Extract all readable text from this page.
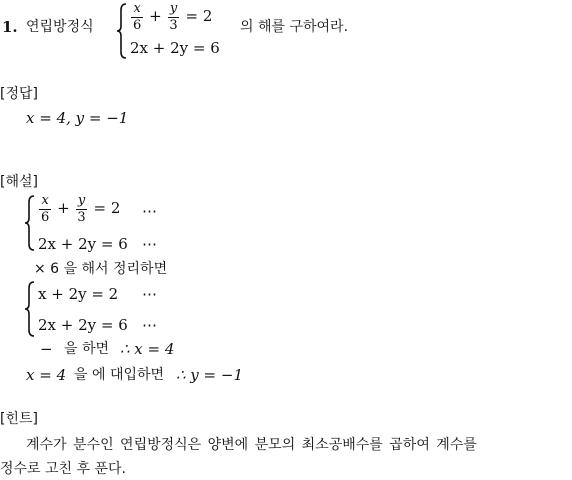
1. 연립방정식	$\frac{x}{6} + \frac{y}{3} = 2$
2x + 2y = 6
의 해를 구하여라.
[정답]
x = 4, y = −1
[해설]
$\frac{x}{6} + \frac{y}{3} = 2$ ⋯
2x + 2y = 6 ⋯
× 6 을 해서 정리하면
x + 2y = 2 ⋯
2x + 2y = 6 ⋯
− 을 하면 ∴ x = 4
x = 4 을 에 대입하면 ∴ y = −1
[힌트]
계수가 분수인 연립방정식은 양변에 분모의 최소공배수를 곱하여 계수를
정수로 고친 후 푼다.
